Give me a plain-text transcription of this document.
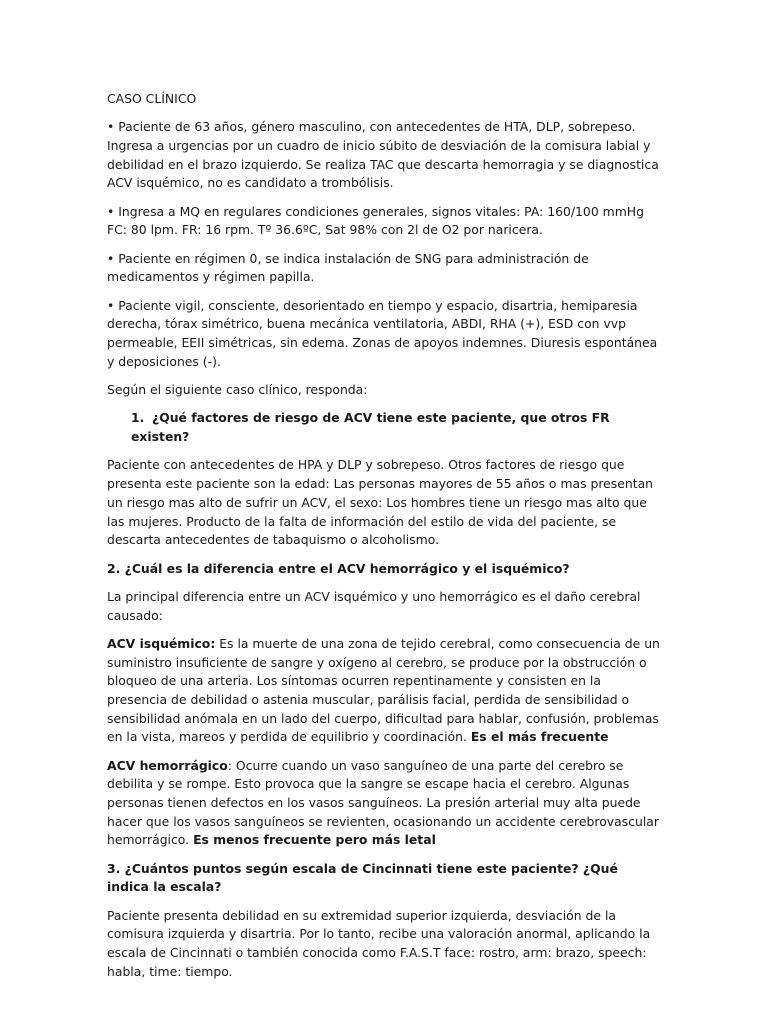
CASO CLÍNICO

• Paciente de 63 años, género masculino, con antecedentes de HTA, DLP, sobrepeso. Ingresa a urgencias por un cuadro de inicio súbito de desviación de la comisura labial y debilidad en el brazo izquierdo. Se realiza TAC que descarta hemorragia y se diagnostica ACV isquémico, no es candidato a trombólisis.

• Ingresa a MQ en regulares condiciones generales, signos vitales: PA: 160/100 mmHg FC: 80 lpm. FR: 16 rpm. Tº 36.6ºC, Sat 98% con 2l de O2 por naricera.

• Paciente en régimen 0, se indica instalación de SNG para administración de medicamentos y régimen papilla.

• Paciente vigil, consciente, desorientado en tiempo y espacio, disartria, hemiparesia derecha, tórax simétrico, buena mecánica ventilatoria, ABDI, RHA (+), ESD con vvp permeable, EEII simétricas, sin edema. Zonas de apoyos indemnes. Diuresis espontánea y deposiciones (-).

Según el siguiente caso clínico, responda:

1. ¿Qué factores de riesgo de ACV tiene este paciente, que otros FR existen?

Paciente con antecedentes de HPA y DLP y sobrepeso. Otros factores de riesgo que presenta este paciente son la edad: Las personas mayores de 55 años o mas presentan un riesgo mas alto de sufrir un ACV, el sexo: Los hombres tiene un riesgo mas alto que las mujeres. Producto de la falta de información del estilo de vida del paciente, se descarta antecedentes de tabaquismo o alcoholismo.

2. ¿Cuál es la diferencia entre el ACV hemorrágico y el isquémico?

La principal diferencia entre un ACV isquémico y uno hemorrágico es el daño cerebral causado:

ACV isquémico: Es la muerte de una zona de tejido cerebral, como consecuencia de un suministro insuficiente de sangre y oxígeno al cerebro, se produce por la obstrucción o bloqueo de una arteria. Los síntomas ocurren repentinamente y consisten en la presencia de debilidad o astenia muscular, parálisis facial, perdida de sensibilidad o sensibilidad anómala en un lado del cuerpo, dificultad para hablar, confusión, problemas en la vista, mareos y perdida de equilibrio y coordinación. Es el más frecuente

ACV hemorrágico: Ocurre cuando un vaso sanguíneo de una parte del cerebro se debilita y se rompe. Esto provoca que la sangre se escape hacia el cerebro. Algunas personas tienen defectos en los vasos sanguíneos. La presión arterial muy alta puede hacer que los vasos sanguíneos se revienten, ocasionando un accidente cerebrovascular hemorrágico. Es menos frecuente pero más letal

3. ¿Cuántos puntos según escala de Cincinnati tiene este paciente? ¿Qué indica la escala?

Paciente presenta debilidad en su extremidad superior izquierda, desviación de la comisura izquierda y disartria. Por lo tanto, recibe una valoración anormal, aplicando la escala de Cincinnati o también conocida como F.A.S.T face: rostro, arm: brazo, speech: habla, time: tiempo.
